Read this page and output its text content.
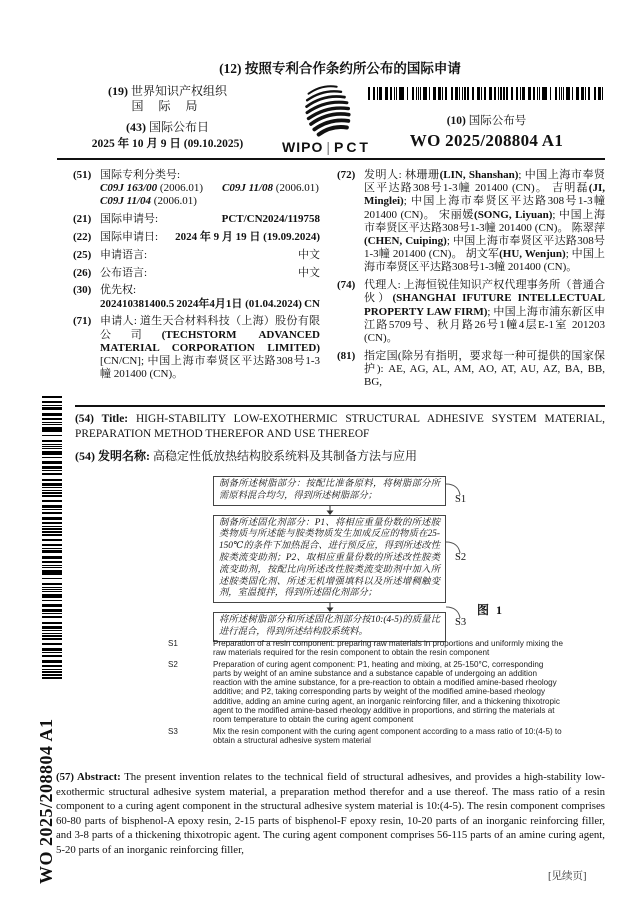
(12) 按照专利合作条约所公布的国际申请
(19) 世界知识产权组织
国 际 局
(43) 国际公布日
2025 年 10 月 9 日 (09.10.2025)	WIPO | PCT
(10) 国际公布号
WO 2025/208804 A1
(51) 国际专利分类号:
C09J 163/00 (2006.01)	C09J 11/08 (2006.01)
C09J 11/04 (2006.01)
(21) 国际申请号:	PCT/CN2024/119758
(22) 国际申请日: 2024 年 9 月 19 日 (19.09.2024)
(25) 申请语言:	中文
(26) 公布语言:	中文
(30) 优先权:
202410381400.5 2024年4月1日 (01.04.2024) CN
(71) 申请人: 道生天合材料科技（上海）股份有限公司(TECHSTORM ADVANCED MATERIAL CORPORATION LIMITED) [CN/CN]; 中国上海市奉贤区平达路308号1-3幢 201400 (CN)。
(72) 发明人: 林珊珊(LIN, Shanshan); 中国上海市奉贤区平达路308号1-3幢 201400 (CN)。 吉明磊(JI, Minglei); 中国上海市奉贤区平达路308号1-3幢 201400 (CN)。 宋丽媛(SONG, Liyuan); 中国上海市奉贤区平达路308号1-3幢 201400 (CN)。 陈翠萍(CHEN, Cuiping); 中国上海市奉贤区平达路308号1-3幢 201400 (CN)。 胡文军(HU, Wenjun); 中国上海市奉贤区平达路308号1-3幢 201400 (CN)。
(74) 代理人: 上海恒锐佳知识产权代理事务所（普通合伙）(SHANGHAI IFUTURE INTELLECTUAL PROPERTY LAW FIRM); 中国上海市浦东新区申江路5709号、秋月路26号1幢4层E-1室 201203 (CN)。
(81) 指定国(除另有指明，要求每一种可提供的国家保护): AE, AG, AL, AM, AO, AT, AU, AZ, BA, BB, BG,
(54) Title: HIGH-STABILITY LOW-EXOTHERMIC STRUCTURAL ADHESIVE SYSTEM MATERIAL, PREPARATION METHOD THEREFOR AND USE THEREOF
(54) 发明名称: 高稳定性低放热结构胶系统料及其制备方法与应用
WO 2025/208804 A1
制备所述树脂部分：按配比准备原料，将树脂部分所需原料混合均匀，得到所述树脂部分；
制备所述固化剂部分：P1、将相应重量份数的所述胺类物质与所述能与胺类物质发生加成反应的物质在25-150℃的条件下加热混合、进行预反应，得到所述改性胺类流变助剂；P2、取相应重量份数的所述改性胺类流变助剂，按配比向所述改性胺类流变助剂中加入所述胺类固化剂、所述无机增强填料以及所述增稠触变剂，室温搅拌，得到所述固化剂部分；
将所述树脂部分和所述固化剂部分按10:(4-5)的质量比进行混合，得到所述结构胶系统料。
S1
S2
S3
图 1
S1	Preparation of a resin component: preparing raw materials in proportions and uniformly mixing the raw materials required for the resin component to obtain the resin component
S2	Preparation of curing agent component: P1, heating and mixing, at 25-150°C, corresponding parts by weight of an amine substance and a substance capable of undergoing an addition reaction with the amine substance, for a pre-reaction to obtain a modified amine-based rheology additive; and P2, taking corresponding parts by weight of the modified amine-based rheology additive, adding an amine curing agent, an inorganic reinforcing filler, and a thickening thixotropic agent to the modified amine-based rheology additive in proportions, and stirring the materials at room temperature to obtain the curing agent component
S3	Mix the resin component with the curing agent component according to a mass ratio of 10:(4-5) to obtain a structural adhesive system material
(57) Abstract: The present invention relates to the technical field of structural adhesives, and provides a high-stability low-exothermic structural adhesive system material, a preparation method therefor and a use thereof. The mass ratio of a resin component to a curing agent component in the structural adhesive system material is 10:(4-5). The resin component comprises 60-80 parts of bisphenol-A epoxy resin, 2-15 parts of bisphenol-F epoxy resin, 10-20 parts of an inorganic reinforcing filler, and 3-8 parts of a thickening thixotropic agent. The curing agent component comprises 56-115 parts of an amine curing agent, 5-20 parts of an inorganic reinforcing filler,
[见续页]
